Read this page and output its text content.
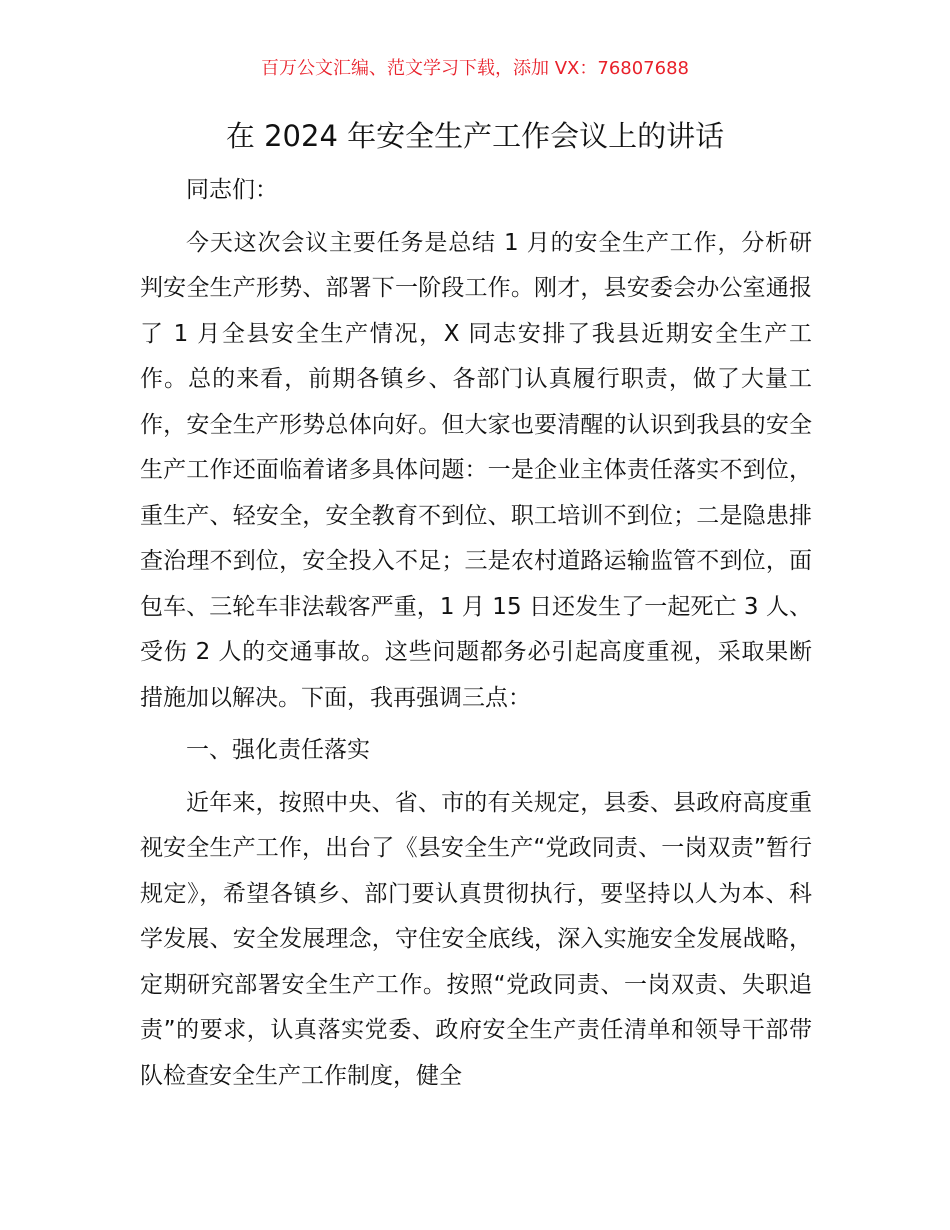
百万公文汇编、范文学习下载，添加 VX：76807688
在 2024 年安全生产工作会议上的讲话

同志们：

今天这次会议主要任务是总结 1 月的安全生产工作，分析研判安全生产形势、部署下一阶段工作。刚才，县安委会办公室通报了 1 月全县安全生产情况，X 同志安排了我县近期安全生产工作。总的来看，前期各镇乡、各部门认真履行职责，做了大量工作，安全生产形势总体向好。但大家也要清醒的认识到我县的安全生产工作还面临着诸多具体问题：一是企业主体责任落实不到位，重生产、轻安全，安全教育不到位、职工培训不到位；二是隐患排查治理不到位，安全投入不足；三是农村道路运输监管不到位，面包车、三轮车非法载客严重，1 月 15 日还发生了一起死亡 3 人、受伤 2 人的交通事故。这些问题都务必引起高度重视，采取果断措施加以解决。下面，我再强调三点：

一、强化责任落实

近年来，按照中央、省、市的有关规定，县委、县政府高度重视安全生产工作，出台了《县安全生产“党政同责、一岗双责”暂行规定》，希望各镇乡、部门要认真贯彻执行，要坚持以人为本、科学发展、安全发展理念，守住安全底线，深入实施安全发展战略，定期研究部署安全生产工作。按照“党政同责、一岗双责、失职追责”的要求，认真落实党委、政府安全生产责任清单和领导干部带队检查安全生产工作制度，健全
